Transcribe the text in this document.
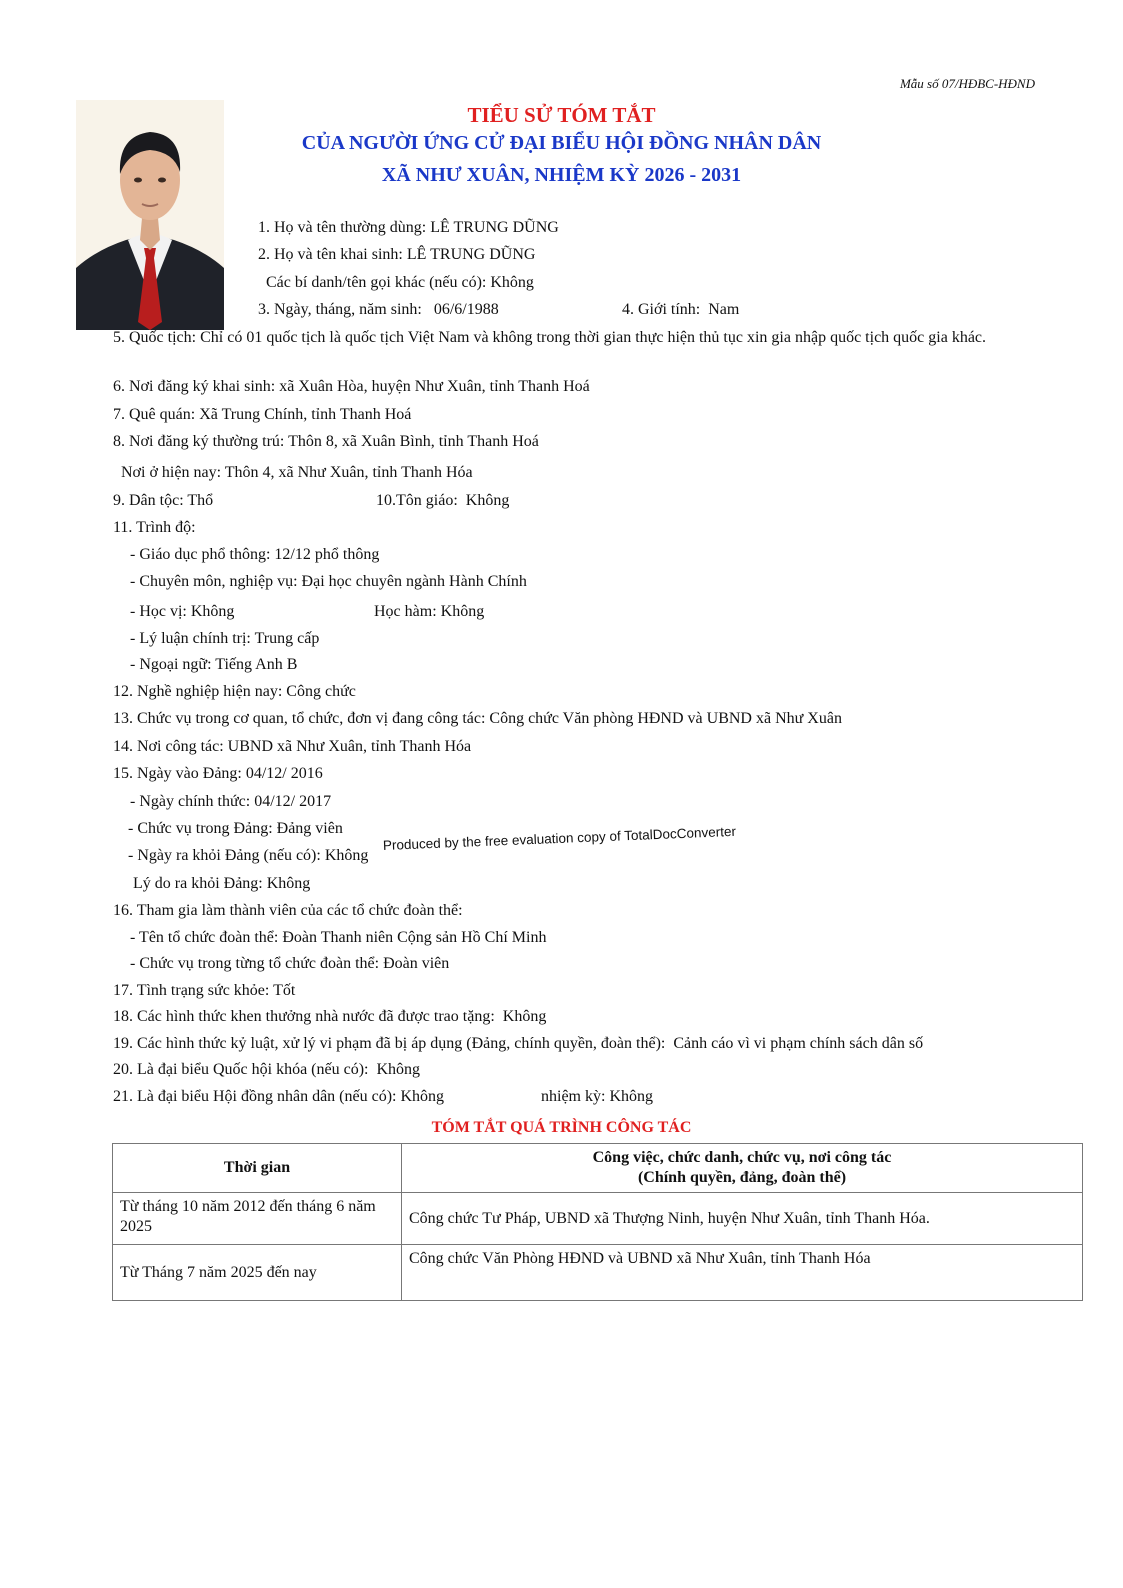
Mẫu số 07/HĐBC-HĐND
TIỂU SỬ TÓM TẮT
CỦA NGƯỜI ỨNG CỬ ĐẠI BIỂU HỘI ĐỒNG NHÂN DÂN
XÃ NHƯ XUÂN, NHIỆM KỲ 2026 - 2031
1. Họ và tên thường dùng: LÊ TRUNG DŨNG
2. Họ và tên khai sinh: LÊ TRUNG DŨNG
Các bí danh/tên gọi khác (nếu có): Không
3. Ngày, tháng, năm sinh:   06/6/1988	4. Giới tính:  Nam
5. Quốc tịch: Chỉ có 01 quốc tịch là quốc tịch Việt Nam và không trong thời gian thực hiện thủ tục xin gia nhập quốc tịch quốc gia khác.
6. Nơi đăng ký khai sinh: xã Xuân Hòa, huyện Như Xuân, tỉnh Thanh Hoá
7. Quê quán: Xã Trung Chính, tỉnh Thanh Hoá
8. Nơi đăng ký thường trú: Thôn 8, xã Xuân Bình, tỉnh Thanh Hoá
Nơi ở hiện nay: Thôn 4, xã Như Xuân, tỉnh Thanh Hóa
9. Dân tộc: Thổ	10.Tôn giáo:  Không
11. Trình độ:
- Giáo dục phổ thông: 12/12 phổ thông
- Chuyên môn, nghiệp vụ: Đại học chuyên ngành Hành Chính
- Học vị: Không	Học hàm: Không
- Lý luận chính trị: Trung cấp
- Ngoại ngữ: Tiếng Anh B
12. Nghề nghiệp hiện nay: Công chức
13. Chức vụ trong cơ quan, tổ chức, đơn vị đang công tác: Công chức Văn phòng HĐND và UBND xã Như Xuân
14. Nơi công tác: UBND xã Như Xuân, tỉnh Thanh Hóa
15. Ngày vào Đảng: 04/12/ 2016
- Ngày chính thức: 04/12/ 2017
- Chức vụ trong Đảng: Đảng viên
- Ngày ra khỏi Đảng (nếu có): Không
Lý do ra khỏi Đảng: Không
16. Tham gia làm thành viên của các tổ chức đoàn thể:
- Tên tổ chức đoàn thể: Đoàn Thanh niên Cộng sản Hồ Chí Minh
- Chức vụ trong từng tổ chức đoàn thể: Đoàn viên
17. Tình trạng sức khỏe: Tốt
18. Các hình thức khen thưởng nhà nước đã được trao tặng:  Không
19. Các hình thức kỷ luật, xử lý vi phạm đã bị áp dụng (Đảng, chính quyền, đoàn thể):  Cảnh cáo vì vi phạm chính sách dân số
20. Là đại biểu Quốc hội khóa (nếu có):  Không
21. Là đại biểu Hội đồng nhân dân (nếu có): Không	nhiệm kỳ: Không
Produced by the free evaluation copy of TotalDocConverter
TÓM TẮT QUÁ TRÌNH CÔNG TÁC
Thời gian	Công việc, chức danh, chức vụ, nơi công tác
(Chính quyền, đảng, đoàn thể)

Từ tháng 10 năm 2012 đến tháng 6 năm 2025	Công chức Tư Pháp, UBND xã Thượng Ninh, huyện Như Xuân, tỉnh Thanh Hóa.
Từ Tháng 7 năm 2025 đến nay	Công chức Văn Phòng HĐND và UBND xã Như Xuân, tỉnh Thanh Hóa
